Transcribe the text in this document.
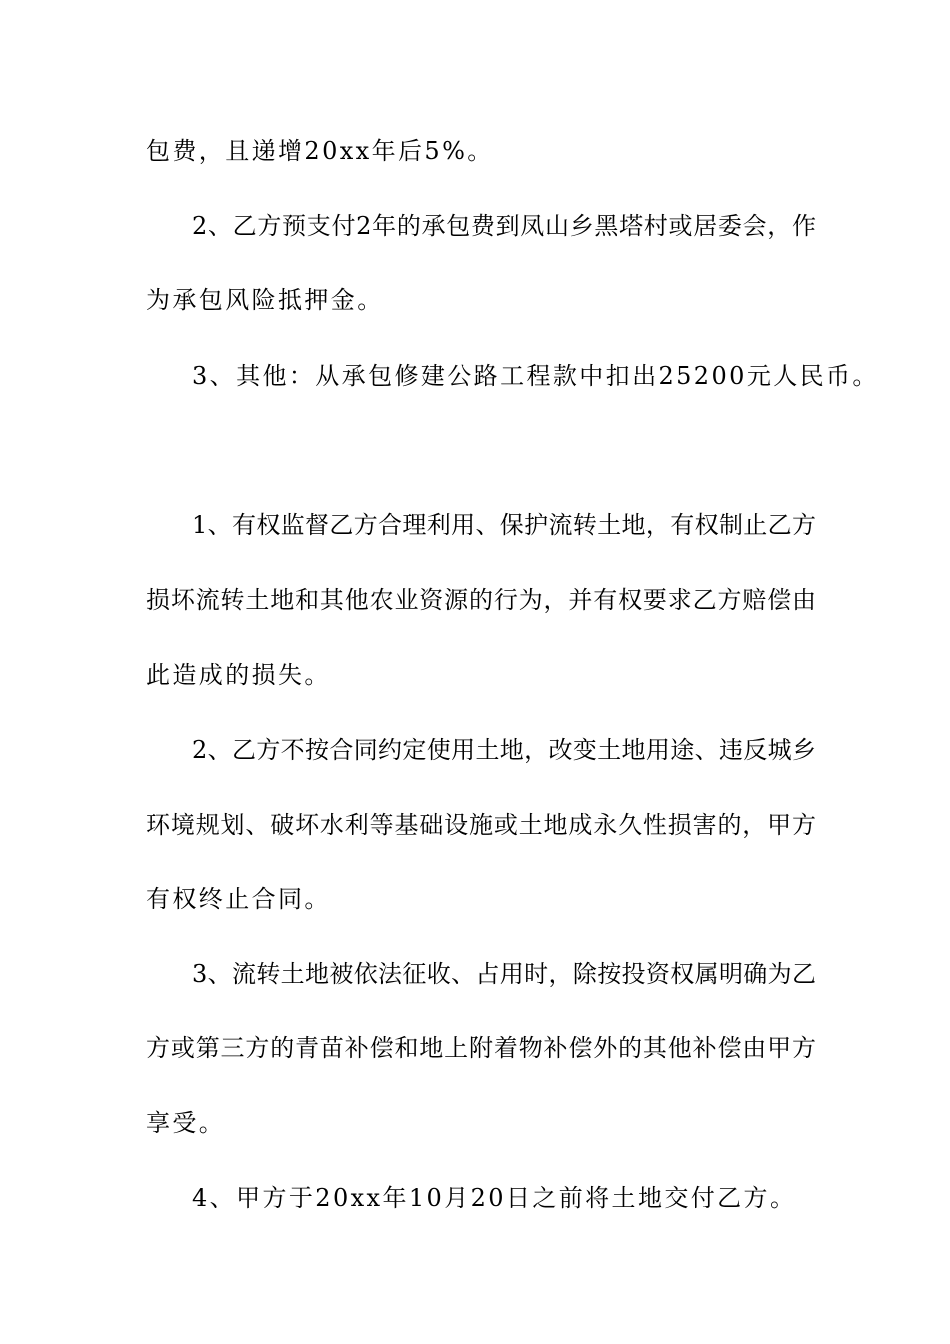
包费，且递增20xx年后5%。
2、乙方预支付2年的承包费到凤山乡黑塔村或居委会，作
为承包风险抵押金。
3、其他：从承包修建公路工程款中扣出25200元人民币。
1、有权监督乙方合理利用、保护流转土地，有权制止乙方
损坏流转土地和其他农业资源的行为，并有权要求乙方赔偿由
此造成的损失。
2、乙方不按合同约定使用土地，改变土地用途、违反城乡
环境规划、破坏水利等基础设施或土地成永久性损害的，甲方
有权终止合同。
3、流转土地被依法征收、占用时，除按投资权属明确为乙
方或第三方的青苗补偿和地上附着物补偿外的其他补偿由甲方
享受。
4、甲方于20xx年10月20日之前将土地交付乙方。
